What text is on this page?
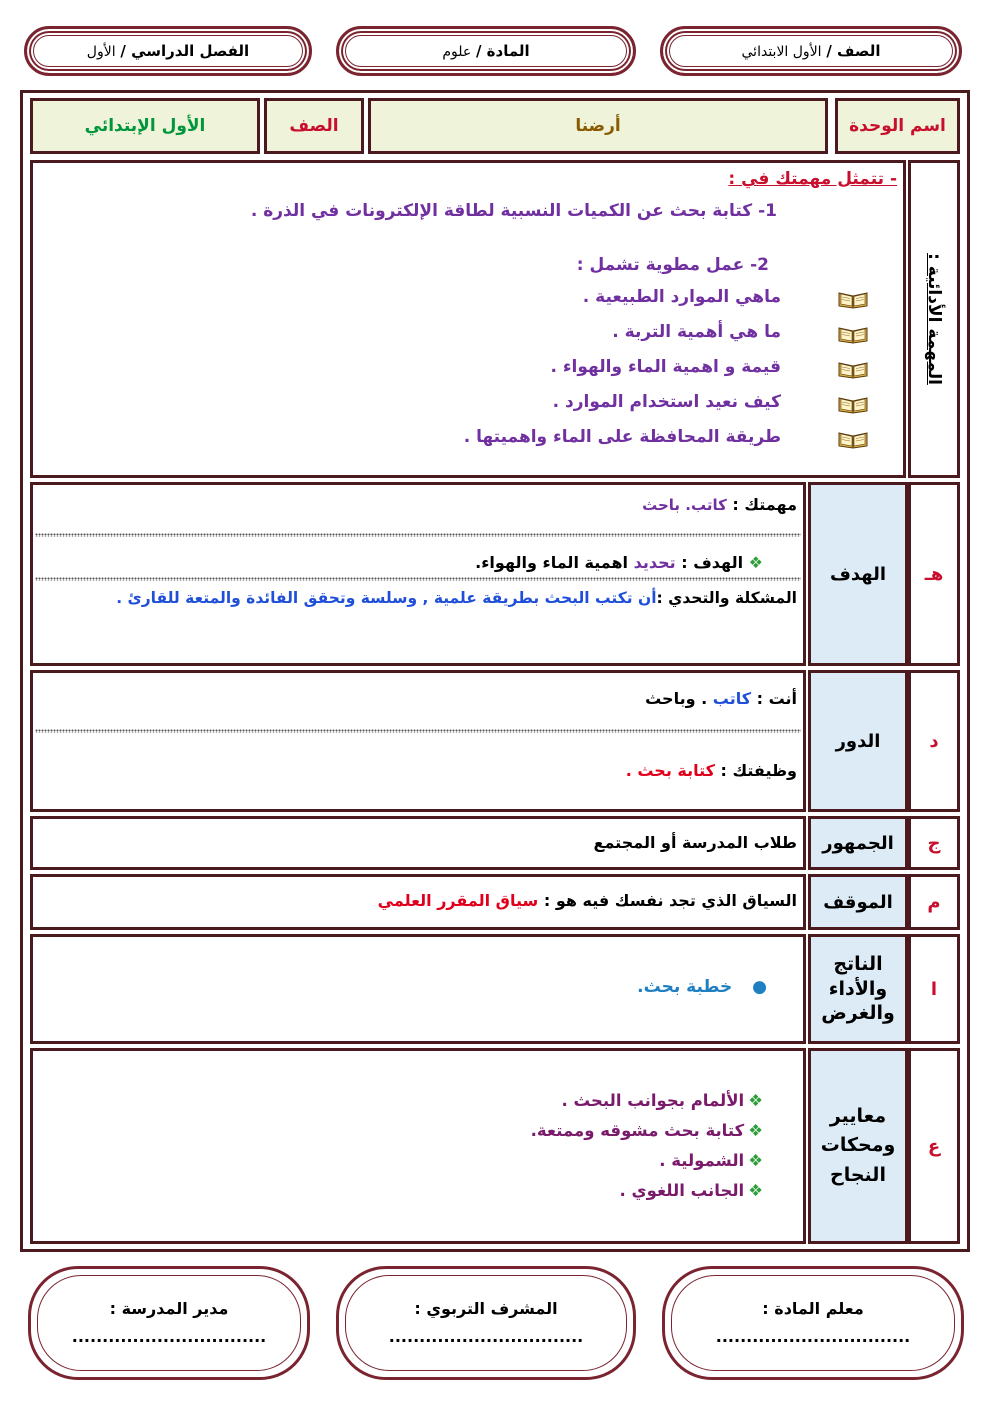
الصف / الأول الابتدائي
المادة / علوم
الفصل الدراسي / الأول
اسم الوحدة
أرضنا
الصف
الأول الإبتدائي
المهمة الأدائية :
- تتمثل مهمتك في :
1- كتابة بحث عن الكميات النسبية لطاقة الإلكترونات في الذرة .
2- عمل مطوية تشمل :
ماهي الموارد الطبيعية .
ما هي أهمية التربة .
قيمة و اهمية الماء والهواء .
كيف نعيد استخدام الموارد .
طريقة المحافظة على الماء واهميتها .
هـ
الهدف
مهمتك : كاتب. باحث
❖ الهدف : تحديد اهمية الماء والهواء.
المشكلة والتحدي :أن تكتب البحث بطريقة علمية , وسلسة وتحقق الفائدة والمتعة للقارئ .
د
الدور
أنت : كاتب . وباحث
وظيفتك : كتابة بحث .
ج
الجمهور
طلاب المدرسة أو المجتمع
م
الموقف
السياق الذي تجد نفسك فيه هو : سياق المقرر العلمي
ا
الناتج
والأداء
والغرض
● خطبة بحث.
ع
معايير
ومحكات
النجاح
❖الألمام بجوانب البحث .
❖كتابة بحث مشوقه وممتعة.
❖الشمولية .
❖الجانب اللغوي .
معلم المادة :
................................
المشرف التربوي :
................................
مدير المدرسة :
................................
